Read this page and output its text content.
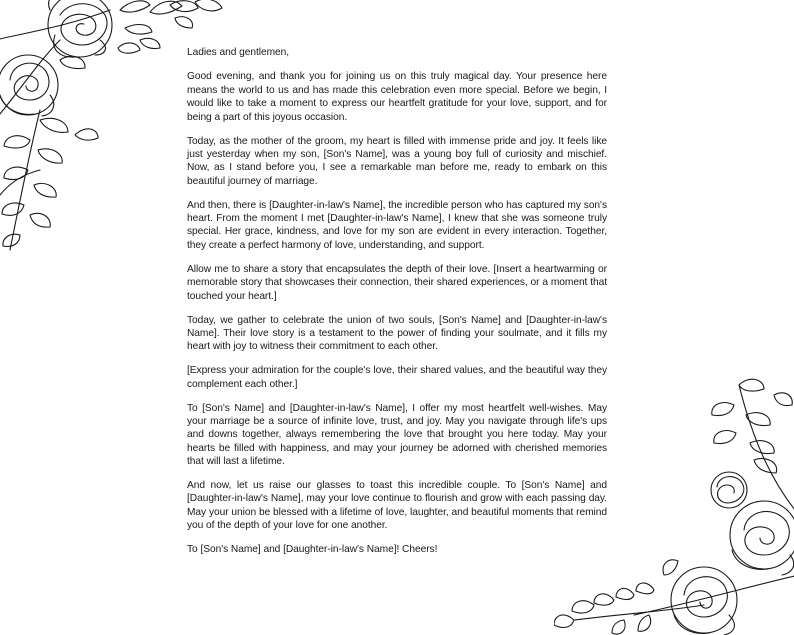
Ladies and gentlemen,

Good evening, and thank you for joining us on this truly magical day. Your presence here means the world to us and has made this celebration even more special. Before we begin, I would like to take a moment to express our heartfelt gratitude for your love, support, and for being a part of this joyous occasion.

Today, as the mother of the groom, my heart is filled with immense pride and joy. It feels like just yesterday when my son, [Son's Name], was a young boy full of curiosity and mischief. Now, as I stand before you, I see a remarkable man before me, ready to embark on this beautiful journey of marriage.

And then, there is [Daughter-in-law's Name], the incredible person who has captured my son's heart. From the moment I met [Daughter-in-law's Name], I knew that she was someone truly special. Her grace, kindness, and love for my son are evident in every interaction. Together, they create a perfect harmony of love, understanding, and support.

Allow me to share a story that encapsulates the depth of their love. [Insert a heartwarming or memorable story that showcases their connection, their shared experiences, or a moment that touched your heart.]

Today, we gather to celebrate the union of two souls, [Son's Name] and [Daughter-in-law's Name]. Their love story is a testament to the power of finding your soulmate, and it fills my heart with joy to witness their commitment to each other.

[Express your admiration for the couple's love, their shared values, and the beautiful way they complement each other.]

To [Son's Name] and [Daughter-in-law's Name], I offer my most heartfelt well-wishes. May your marriage be a source of infinite love, trust, and joy. May you navigate through life's ups and downs together, always remembering the love that brought you here today. May your hearts be filled with happiness, and may your journey be adorned with cherished memories that will last a lifetime.

And now, let us raise our glasses to toast this incredible couple. To [Son's Name] and [Daughter-in-law's Name], may your love continue to flourish and grow with each passing day. May your union be blessed with a lifetime of love, laughter, and beautiful moments that remind you of the depth of your love for one another.

To [Son's Name] and [Daughter-in-law's Name]! Cheers!
